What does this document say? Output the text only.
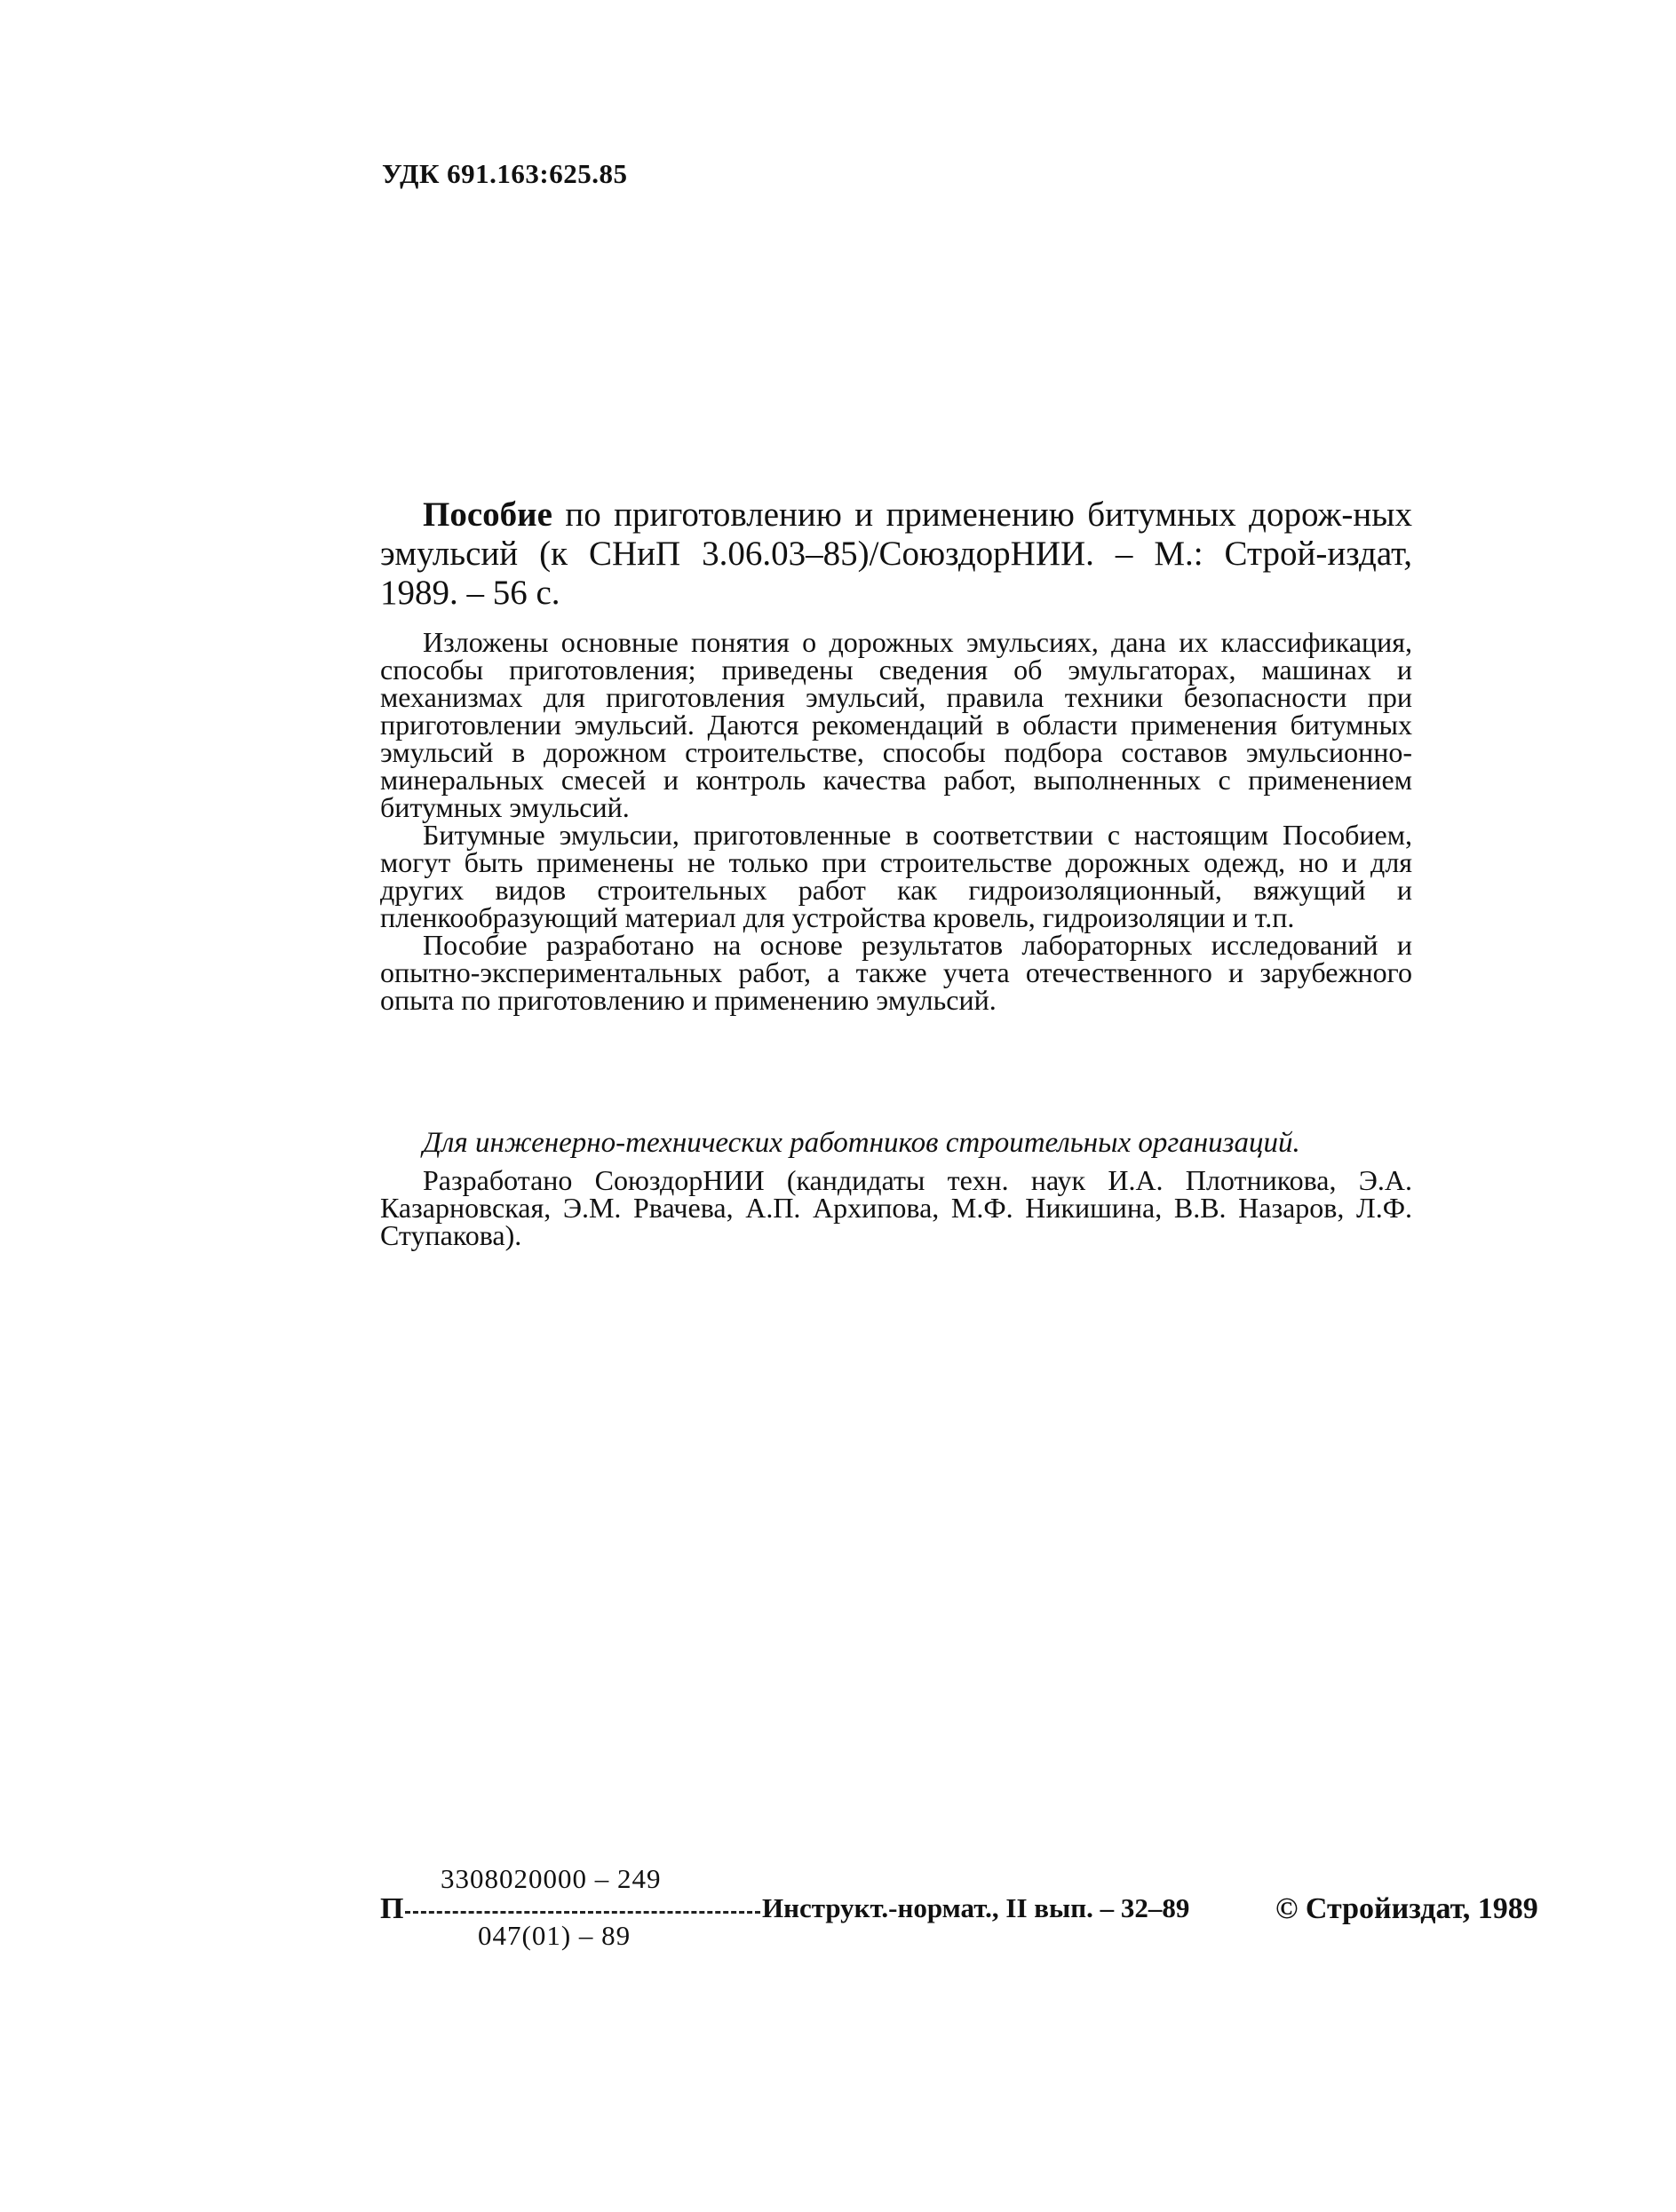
УДК 691.163:625.85

Пособие по приготовлению и применению битумных дорож-ных эмульсий (к СНиП 3.06.03–85)/СоюздорНИИ. – М.: Строй-издат, 1989. – 56 с.

Изложены основные понятия о дорожных эмульсиях, дана их классификация, способы приготовления; приведены сведения об эмульгаторах, машинах и механизмах для приготовления эмульсий, правила техники безопасности при приготовлении эмульсий. Даются рекомендаций в области применения битумных эмульсий в дорожном строительстве, способы подбора составов эмульсионно-минеральных смесей и контроль качества работ, выполненных с применением битумных эмульсий.

Битумные эмульсии, приготовленные в соответствии с настоящим Пособием, могут быть применены не только при строительстве дорожных одежд, но и для других видов строительных работ как гидроизоляционный, вяжущий и пленкообразующий материал для устройства кровель, гидроизоляции и т.п.

Пособие разработано на основе результатов лабораторных исследований и опытно-экспериментальных работ, а также учета отечественного и зарубежного опыта по приготовлению и применению эмульсий.

Для инженерно-технических работников строительных организаций.

Разработано СоюздорНИИ (кандидаты техн. наук И.А. Плотникова, Э.А. Казарновская, Э.М. Рвачева, А.П. Архипова, М.Ф. Никишина, В.В. Назаров, Л.Ф. Ступакова).

П
3308020000 – 249
047(01) – 89
Инструкт.-нормат., II вып. – 32–89	© Стройиздат, 1989
